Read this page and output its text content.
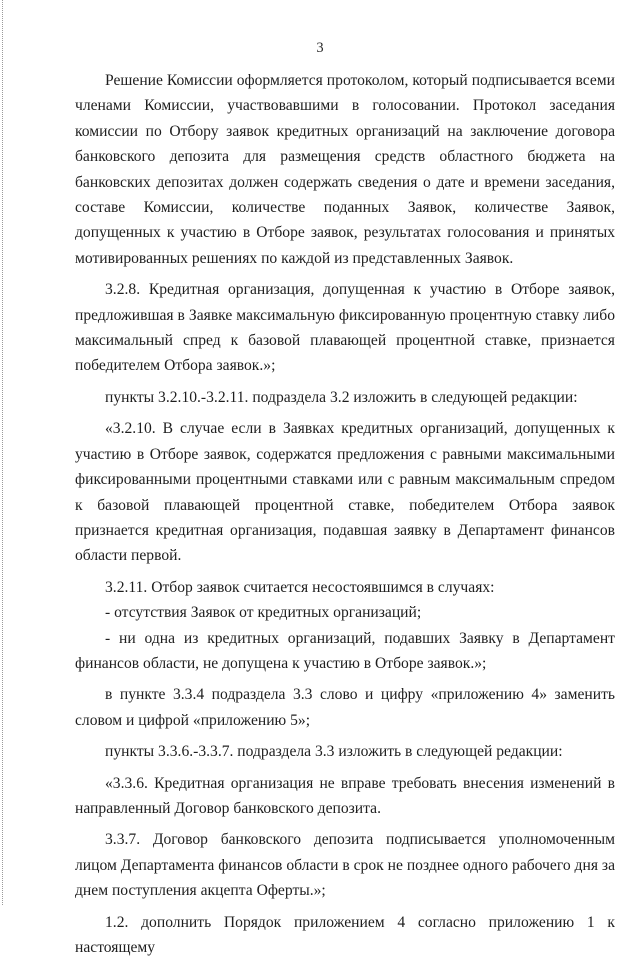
3

Решение Комиссии оформляется протоколом, который подписывается всеми членами Комиссии, участвовавшими в голосовании. Протокол заседания комиссии по Отбору заявок кредитных организаций на заключение договора банковского депозита для размещения средств областного бюджета на банковских депозитах должен содержать сведения о дате и времени заседания, составе Комиссии, количестве поданных Заявок, количестве Заявок, допущенных к участию в Отборе заявок, результатах голосования и принятых мотивированных решениях по каждой из представленных Заявок.

3.2.8. Кредитная организация, допущенная к участию в Отборе заявок, предложившая в Заявке максимальную фиксированную процентную ставку либо максимальный спред к базовой плавающей процентной ставке, признается победителем Отбора заявок.»;

пункты 3.2.10.-3.2.11. подраздела 3.2 изложить в следующей редакции:

«3.2.10. В случае если в Заявках кредитных организаций, допущенных к участию в Отборе заявок, содержатся предложения с равными максимальными фиксированными процентными ставками или с равным максимальным спредом к базовой плавающей процентной ставке, победителем Отбора заявок признается кредитная организация, подавшая заявку в Департамент финансов области первой.

3.2.11. Отбор заявок считается несостоявшимся в случаях:

- отсутствия Заявок от кредитных организаций;

- ни одна из кредитных организаций, подавших Заявку в Департамент финансов области, не допущена к участию в Отборе заявок.»;

в пункте 3.3.4 подраздела 3.3 слово и цифру «приложению 4» заменить словом и цифрой «приложению 5»;

пункты 3.3.6.-3.3.7. подраздела 3.3 изложить в следующей редакции:

«3.3.6. Кредитная организация не вправе требовать внесения изменений в направленный Договор банковского депозита.

3.3.7. Договор банковского депозита подписывается уполномоченным лицом Департамента финансов области в срок не позднее одного рабочего дня за днем поступления акцепта Оферты.»;

1.2. дополнить Порядок приложением 4 согласно приложению 1 к настоящему
